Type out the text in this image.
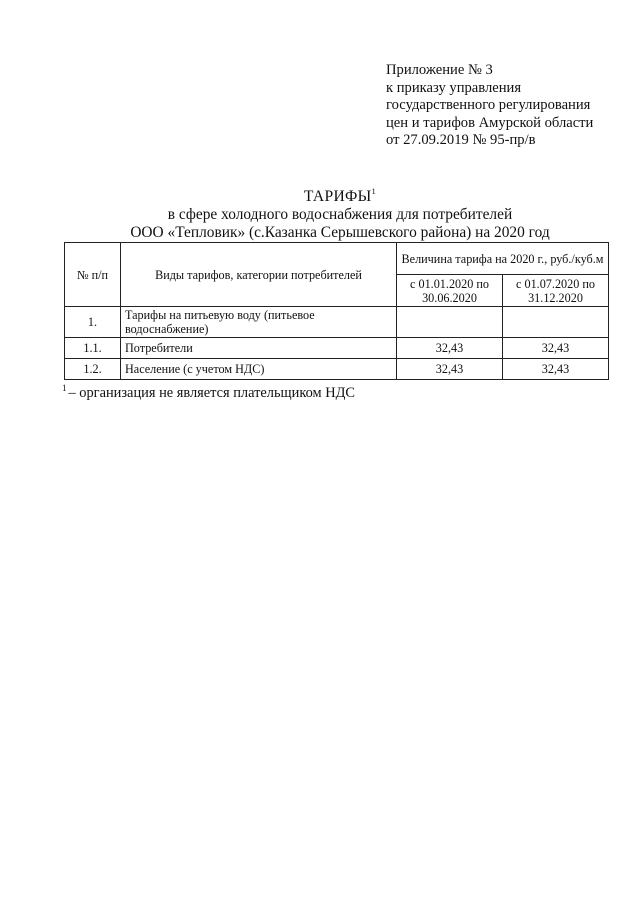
Приложение № 3
к приказу управления
государственного регулирования
цен и тарифов Амурской области
от 27.09.2019 № 95-пр/в
ТАРИФЫ$^1$
в сфере холодного водоснабжения для потребителей
ООО «Тепловик» (с.Казанка Серышевского района) на 2020 год
№ п/п	Виды тарифов, категории потребителей	Величина тарифа на 2020 г., руб./куб.м	
		с 01.01.2020 по 30.06.2020	с 01.07.2020 по 31.12.2020
1.	Тарифы на питьевую воду (питьевое водоснабжение)		
1.1.	Потребители	32,43	32,43
1.2.	Население (с учетом НДС)	32,43	32,43
$^1$ – организация не является плательщиком НДС
